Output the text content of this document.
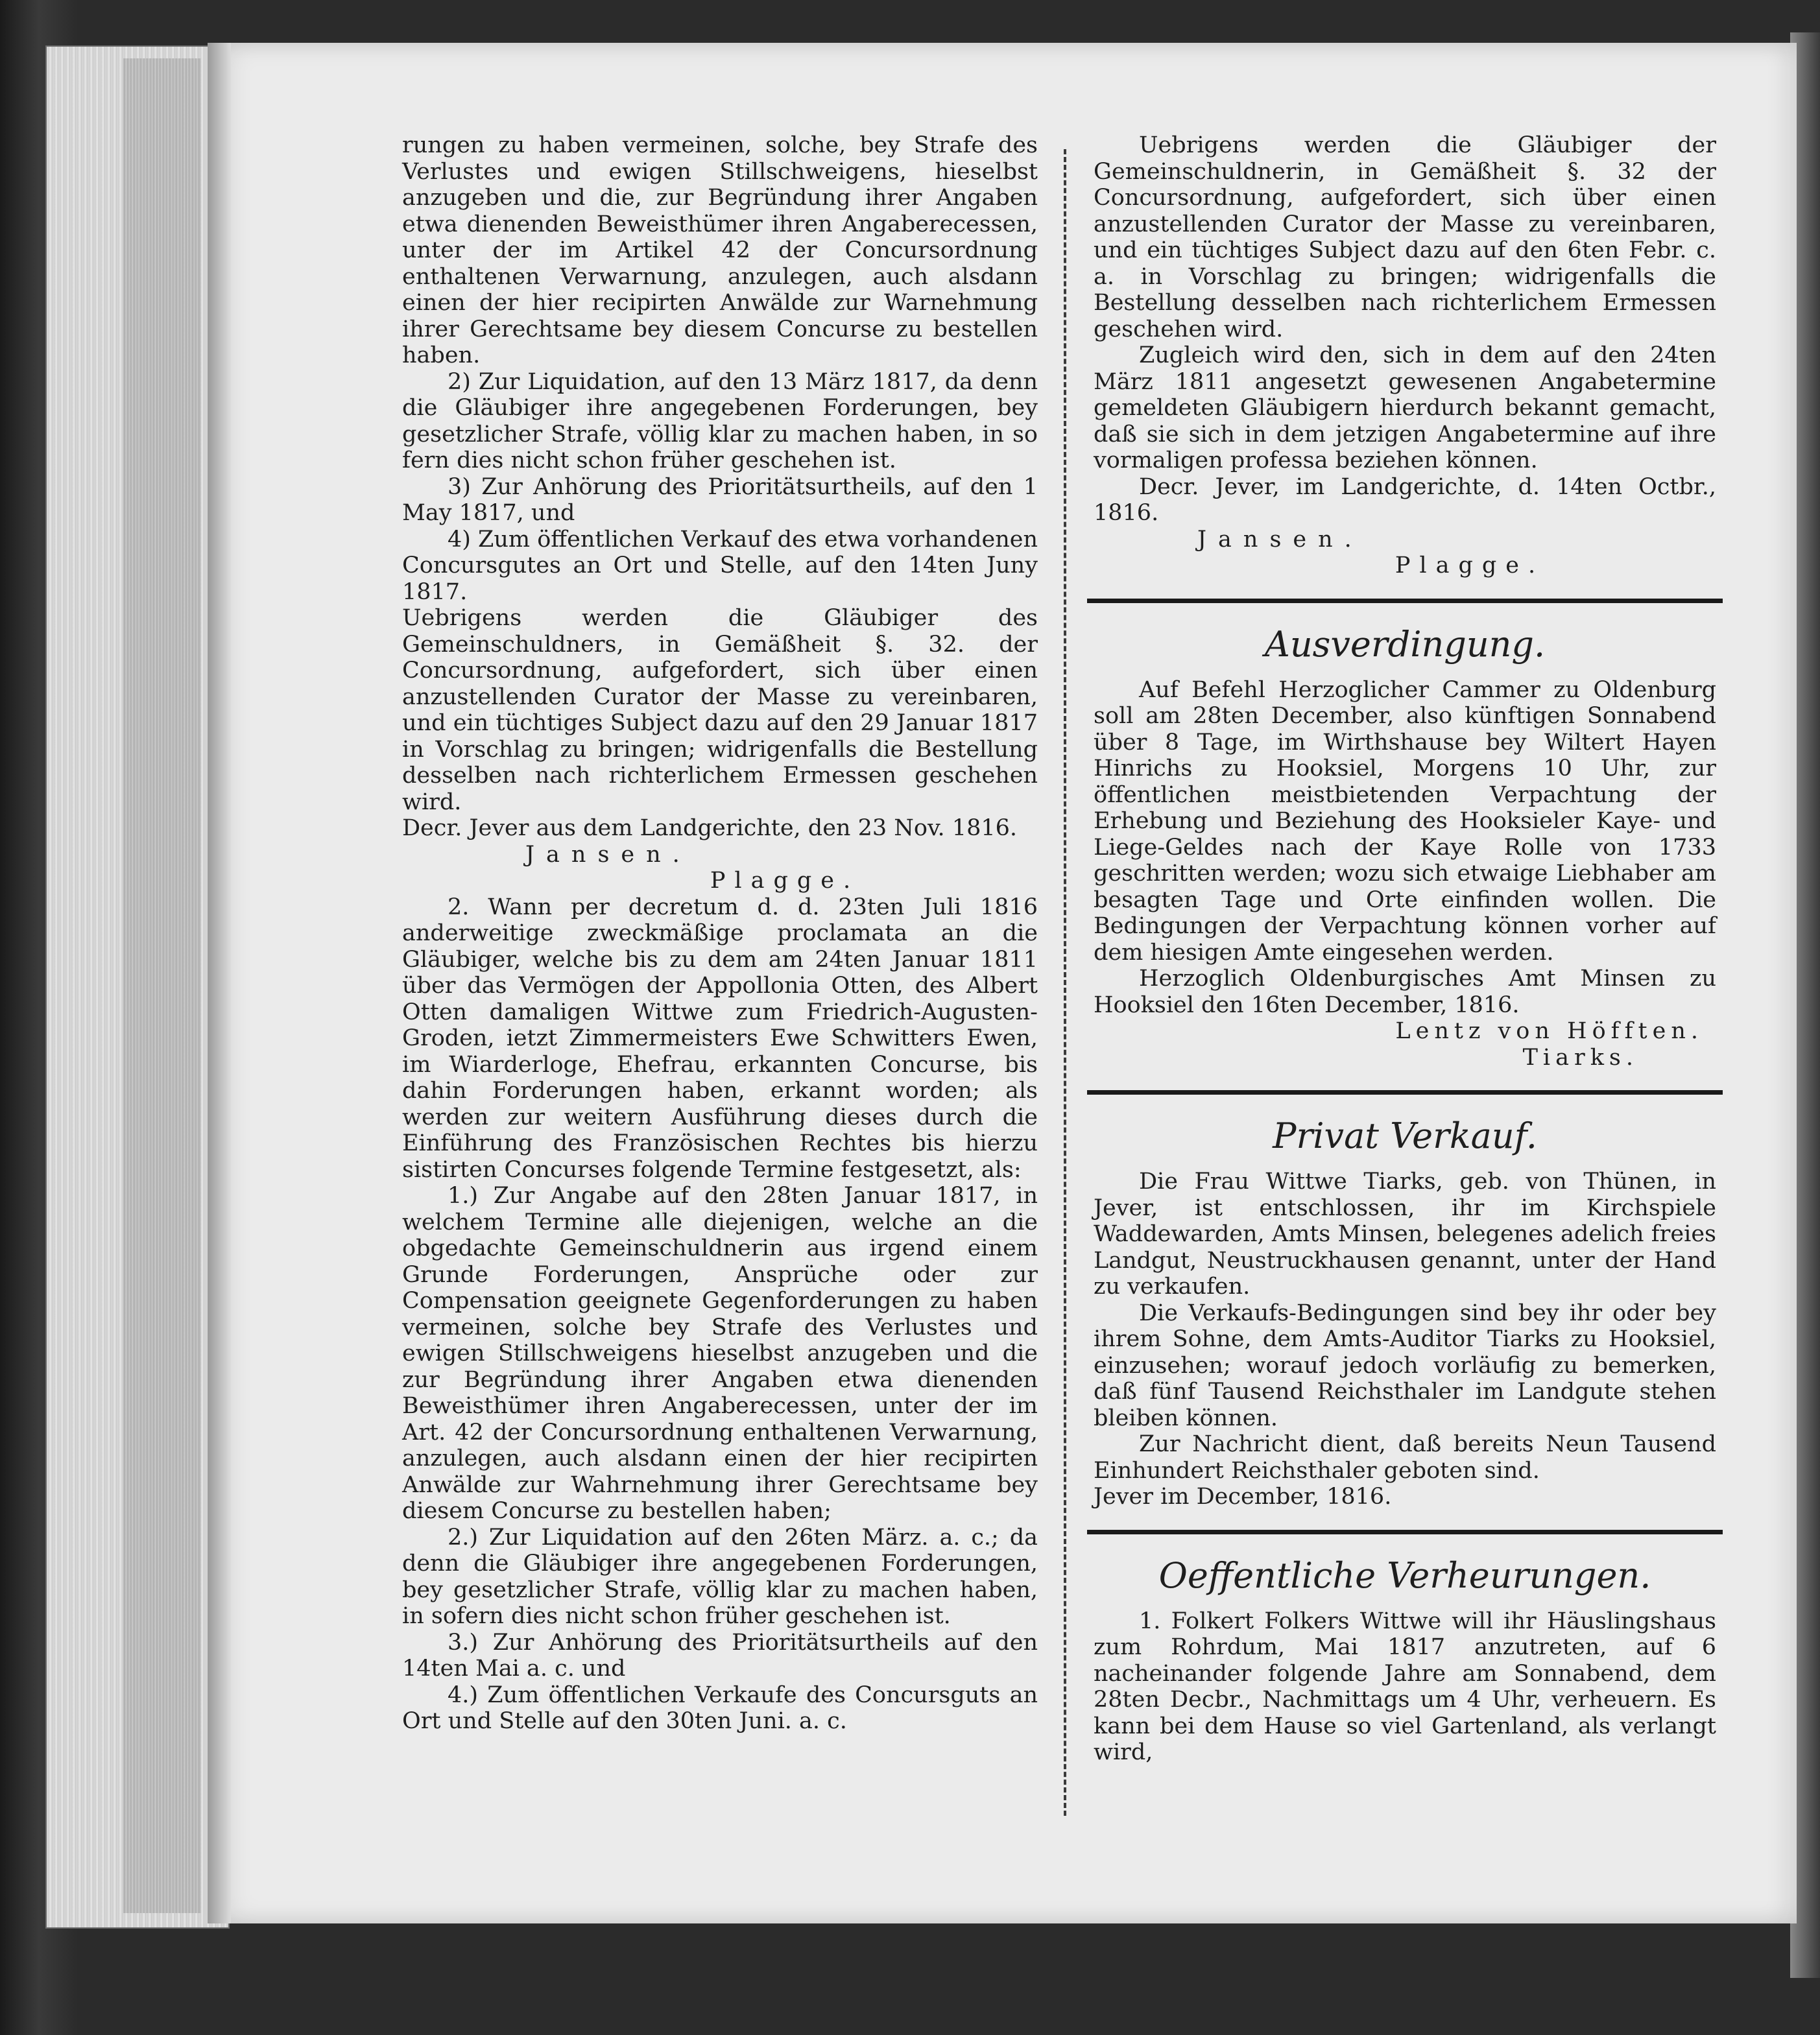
rungen zu haben vermeinen, solche, bey Strafe des Verlustes und ewigen Stillschweigens, hieselbst anzugeben und die, zur Begründung ihrer Angaben etwa dienenden Beweisthümer ihren Angaberecessen, unter der im Artikel 42 der Concursordnung enthaltenen Verwarnung, anzulegen, auch alsdann einen der hier recipirten Anwälde zur Warnehmung ihrer Gerechtsame bey diesem Concurse zu bestellen haben.

2) Zur Liquidation, auf den 13 März 1817, da denn die Gläubiger ihre angegebenen Forderungen, bey gesetzlicher Strafe, völlig klar zu machen haben, in so fern dies nicht schon früher geschehen ist.

3) Zur Anhörung des Prioritätsurtheils, auf den 1 May 1817, und

4) Zum öffentlichen Verkauf des etwa vorhandenen Concursgutes an Ort und Stelle, auf den 14ten Juny 1817.

Uebrigens werden die Gläubiger des Gemeinschuldners, in Gemäßheit §. 32. der Concursordnung, aufgefordert, sich über einen anzustellenden Curator der Masse zu vereinbaren, und ein tüchtiges Subject dazu auf den 29 Januar 1817 in Vorschlag zu bringen; widrigenfalls die Bestellung desselben nach richterlichem Ermessen geschehen wird.

Decr. Jever aus dem Landgerichte, den 23 Nov. 1816.

Jansen.

Plagge.

2. Wann per decretum d. d. 23ten Juli 1816 anderweitige zweckmäßige proclamata an die Gläubiger, welche bis zu dem am 24ten Januar 1811 über das Vermögen der Appollonia Otten, des Albert Otten damaligen Wittwe zum Friedrich-Augusten-Groden, ietzt Zimmermeisters Ewe Schwitters Ewen, im Wiarderloge, Ehefrau, erkannten Concurse, bis dahin Forderungen haben, erkannt worden; als werden zur weitern Ausführung dieses durch die Einführung des Französischen Rechtes bis hierzu sistirten Concurses folgende Termine festgesetzt, als:

1.) Zur Angabe auf den 28ten Januar 1817, in welchem Termine alle diejenigen, welche an die obgedachte Gemeinschuldnerin aus irgend einem Grunde Forderungen, Ansprüche oder zur Compensation geeignete Gegenforderungen zu haben vermeinen, solche bey Strafe des Verlustes und ewigen Stillschweigens hieselbst anzugeben und die zur Begründung ihrer Angaben etwa dienenden Beweisthümer ihren Angaberecessen, unter der im Art. 42 der Concursordnung enthaltenen Verwarnung, anzulegen, auch alsdann einen der hier recipirten Anwälde zur Wahrnehmung ihrer Gerechtsame bey diesem Concurse zu bestellen haben;

2.) Zur Liquidation auf den 26ten März. a. c.; da denn die Gläubiger ihre angegebenen Forderungen, bey gesetzlicher Strafe, völlig klar zu machen haben, in sofern dies nicht schon früher geschehen ist.

3.) Zur Anhörung des Prioritätsurtheils auf den 14ten Mai a. c. und

4.) Zum öffentlichen Verkaufe des Concursguts an Ort und Stelle auf den 30ten Juni. a. c.

Uebrigens werden die Gläubiger der Gemeinschuldnerin, in Gemäßheit §. 32 der Concursordnung, aufgefordert, sich über einen anzustellenden Curator der Masse zu vereinbaren, und ein tüchtiges Subject dazu auf den 6ten Febr. c. a. in Vorschlag zu bringen; widrigenfalls die Bestellung desselben nach richterlichem Ermessen geschehen wird.

Zugleich wird den, sich in dem auf den 24ten März 1811 angesetzt gewesenen Angabetermine gemeldeten Gläubigern hierdurch bekannt gemacht, daß sie sich in dem jetzigen Angabetermine auf ihre vormaligen professa beziehen können.

Decr. Jever, im Landgerichte, d. 14ten Octbr., 1816.

Jansen.

Plagge.

Ausverdingung.

Auf Befehl Herzoglicher Cammer zu Oldenburg soll am 28ten December, also künftigen Sonnabend über 8 Tage, im Wirthshause bey Wiltert Hayen Hinrichs zu Hooksiel, Morgens 10 Uhr, zur öffentlichen meistbietenden Verpachtung der Erhebung und Beziehung des Hooksieler Kaye- und Liege-Geldes nach der Kaye Rolle von 1733 geschritten werden; wozu sich etwaige Liebhaber am besagten Tage und Orte einfinden wollen. Die Bedingungen der Verpachtung können vorher auf dem hiesigen Amte eingesehen werden.

Herzoglich Oldenburgisches Amt Minsen zu Hooksiel den 16ten December, 1816.

Lentz von Höfften.

Tiarks.

Privat Verkauf.

Die Frau Wittwe Tiarks, geb. von Thünen, in Jever, ist entschlossen, ihr im Kirchspiele Waddewarden, Amts Minsen, belegenes adelich freies Landgut, Neustruckhausen genannt, unter der Hand zu verkaufen.

Die Verkaufs-Bedingungen sind bey ihr oder bey ihrem Sohne, dem Amts-Auditor Tiarks zu Hooksiel, einzusehen; worauf jedoch vorläufig zu bemerken, daß fünf Tausend Reichsthaler im Landgute stehen bleiben können.

Zur Nachricht dient, daß bereits Neun Tausend Einhundert Reichsthaler geboten sind.

Jever im December, 1816.

Oeffentliche Verheurungen.

1. Folkert Folkers Wittwe will ihr Häuslingshaus zum Rohrdum, Mai 1817 anzutreten, auf 6 nacheinander folgende Jahre am Sonnabend, dem 28ten Decbr., Nachmittags um 4 Uhr, verheuern. Es kann bei dem Hause so viel Gartenland, als verlangt wird,
